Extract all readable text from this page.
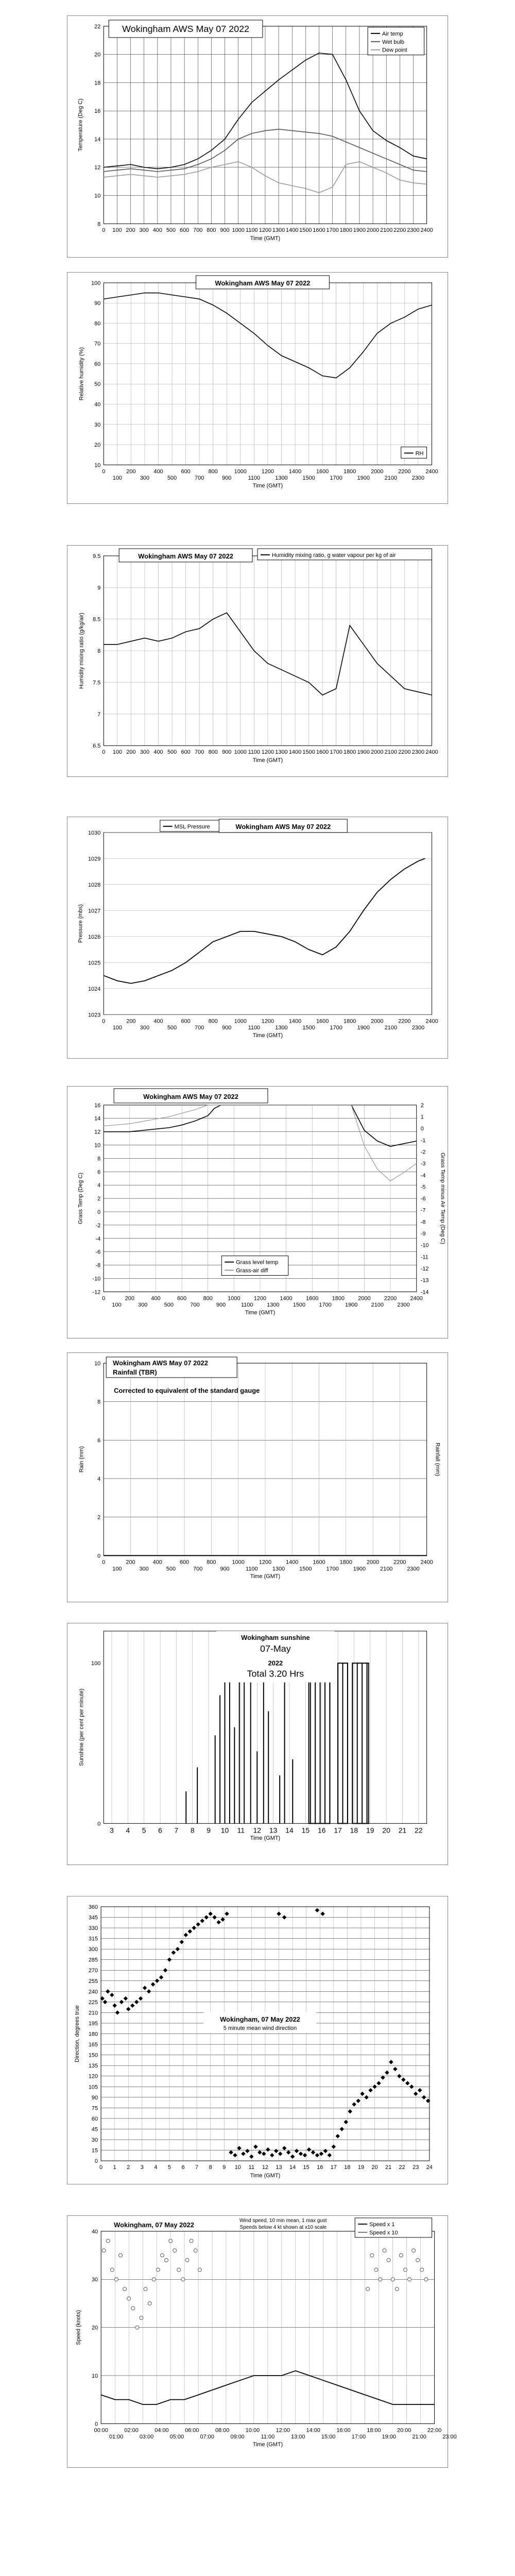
8
10
12
14
16
18
20
22
0 100 200 300 400 500 600 700 800 900 1000 1100 1200 1300 1400 1500 1600 1700 1800 1900 2000 2100 2200 2300 2400
Time (GMT)
Temperature (Deg C)
Wokingham AWS May 07 2022	Air temp
Wet bulb
Dew point
10
20
30
40
50
60
70
80
90
100
0	200	400	600	800	1000	1200	1400	1600	1800	2000	2200	2400
100	300	500	700	900	1100	1300	1500	1700	1900	2100	2300
Time (GMT)
Relative humidity (%)
Wokingham AWS May 07 2022
RH
6.5
7
7.5
8
8.5
9
9.5
0 100 200 300 400 500 600 700 800 900 1000 1100 1200 1300 1400 1500 1600 1700 1800 1900 2000 2100 2200 2300 2400
Time (GMT)
Humidity mixing ratio (g/kg/air)
Wokingham AWS May 07 2022	Humidity mixing ratio, g water vapour per kg of air
1023
1024
1025
1026
1027
1028
1029
1030
0	200	400	600	800	1000	1200	1400	1600	1800	2000	2200	2400
100	300	500	700	900	1100	1300	1500	1700	1900	2100	2300
Time (GMT)
Pressure (mbs)
MSL Pressure	Wokingham AWS May 07 2022
16
14
12
10
8
6
4
2
0
-2
-4
-6
-8
-10
-12
2
1
0
-1
-2
-3
-4
-5
-6
-7
-8
-9
-10
-11
-12
-13
-14
0	200	400	600	800	1000 1200 1400 1600 1800 2000 2200 2400
100	300	500	700	900	1100 1300 1500 1700 1900 2100 2300
Time (GMT)
Grass Temp (Deg C)	Grass Temp minus Air Temp (Deg C)
Wokingham AWS May 07 2022
Grass level temp
Grass-air diff
0
2
4
6
8
10
0	200	400	600	800	1000	1200	1400	1600	1800	2000	2200	2400
100	300	500	700	900	1100	1300	1500	1700	1900	2100	2300
Time (GMT)
Rain (mm)	Rainfall (mm)
Wokingham AWS May 07 2022
Rainfall (TBR)
Corrected to equivalent of the standard gauge
0
100
3 4 5 6 7 8 9 10 11 12 13 14 15 16 17 18 19 20 21 22
Time (GMT)
Sunshine (per cent per minute)
Wokingham sunshine
07-May
2022
Total 3.20 Hrs
0
15
30
45
60
75
90
105
120
135
150
165
180
195
210
225
240
255
270
285
300
315
330
345
360
0 1 2 3 4 5 6 7 8 9 10 11 12 13 14 15 16 17 18 19 20 21 22 23 24
Time (GMT)
Direction, degrees true	Wokingham, 07 May 2022
5 minute mean wind direction
0
10
20
30
40
00:00	02:00	04:00	06:00	08:00	10:00	12:00	14:00	16:00	18:00	20:00	22:00
01:00	03:00	05:00	07:00	09:00	11:00	13:00	15:00	17:00	19:00	21:00	23:00
Time (GMT)
Speed (knots)
Wokingham, 07 May 2022
Wind speed, 10 min mean, 1 max gust
Speeds below 4 kt shown at x10 scale	Speed x 1
Speed x 10
